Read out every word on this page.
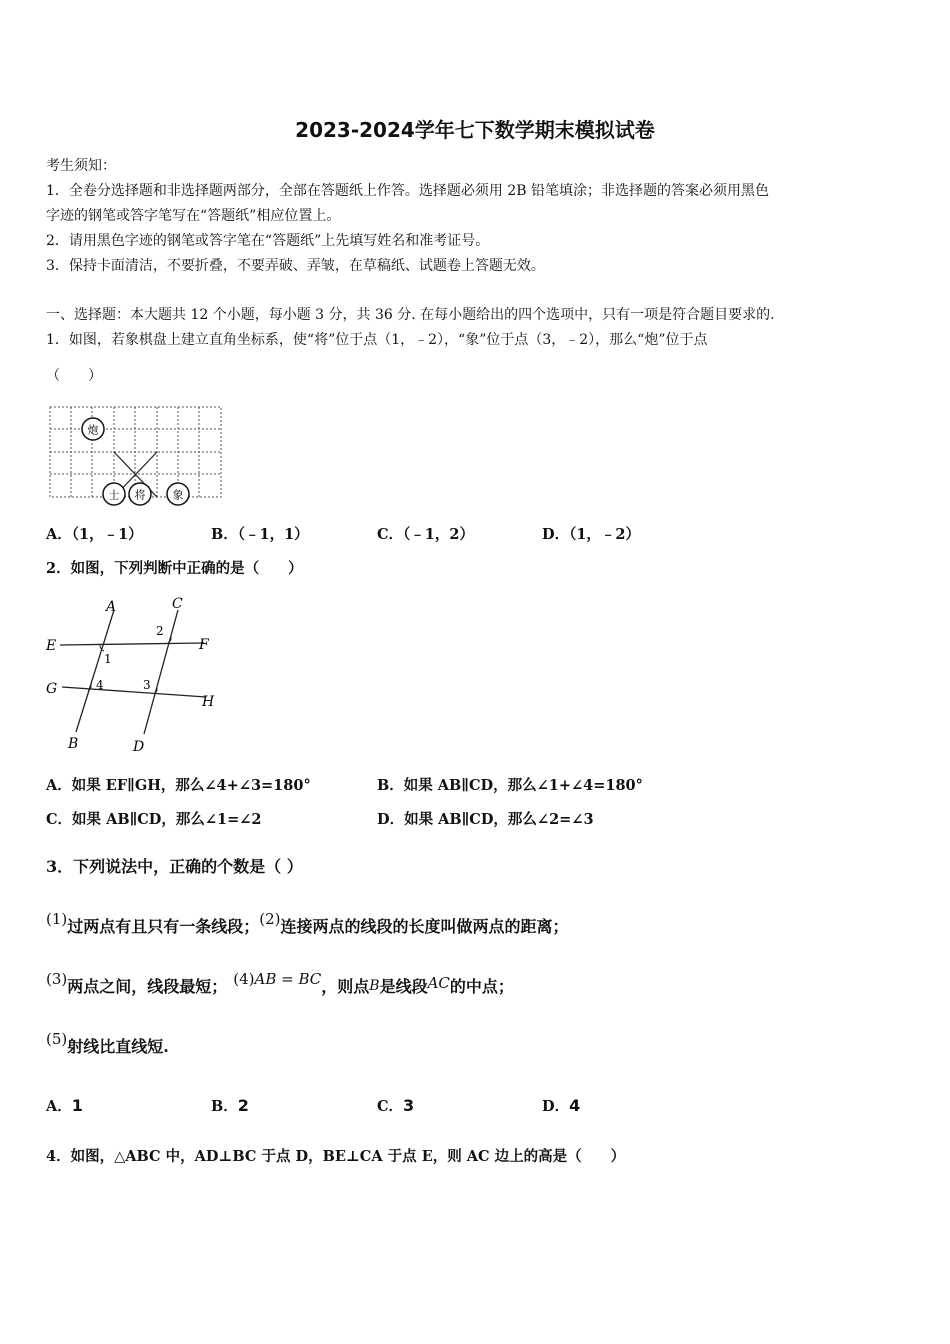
2023-2024学年七下数学期末模拟试卷
考生须知：
1．全卷分选择题和非选择题两部分，全部在答题纸上作答。选择题必须用 2B 铅笔填涂；非选择题的答案必须用黑色
字迹的钢笔或答字笔写在“答题纸”相应位置上。
2．请用黑色字迹的钢笔或答字笔在“答题纸”上先填写姓名和准考证号。
3．保持卡面清洁，不要折叠，不要弄破、弄皱，在草稿纸、试题卷上答题无效。
一、选择题：本大题共 12 个小题，每小题 3 分，共 36 分. 在每小题给出的四个选项中，只有一项是符合题目要求的.
1．如图，若象棋盘上建立直角坐标系，使“将”位于点（1，﹣2），“象”位于点（3，﹣2），那么“炮”位于点
（　　）
炮
士 将 象
A．（1，﹣1）	B．（﹣1，1）	C．（﹣1，2）	D．（1，﹣2）
2．如图，下列判断中正确的是（　　）
A	C
E	F
G
H
B	D
1
2
3
4
A．如果 EF∥GH，那么∠4+∠3=180°	B．如果 AB∥CD，那么∠1+∠4=180°
C．如果 AB∥CD，那么∠1=∠2	D．如果 AB∥CD，那么∠2=∠3
3．下列说法中，正确的个数是（ ）
(1)过两点有且只有一条线段；(2)连接两点的线段的长度叫做两点的距离；
(3)两点之间，线段最短； (4)AB = BC，则点B是线段AC的中点；
(5)射线比直线短.
A．1	B．2	C．3	D．4
4．如图，△ABC 中，AD⊥BC 于点 D，BE⊥CA 于点 E，则 AC 边上的高是（　　）
